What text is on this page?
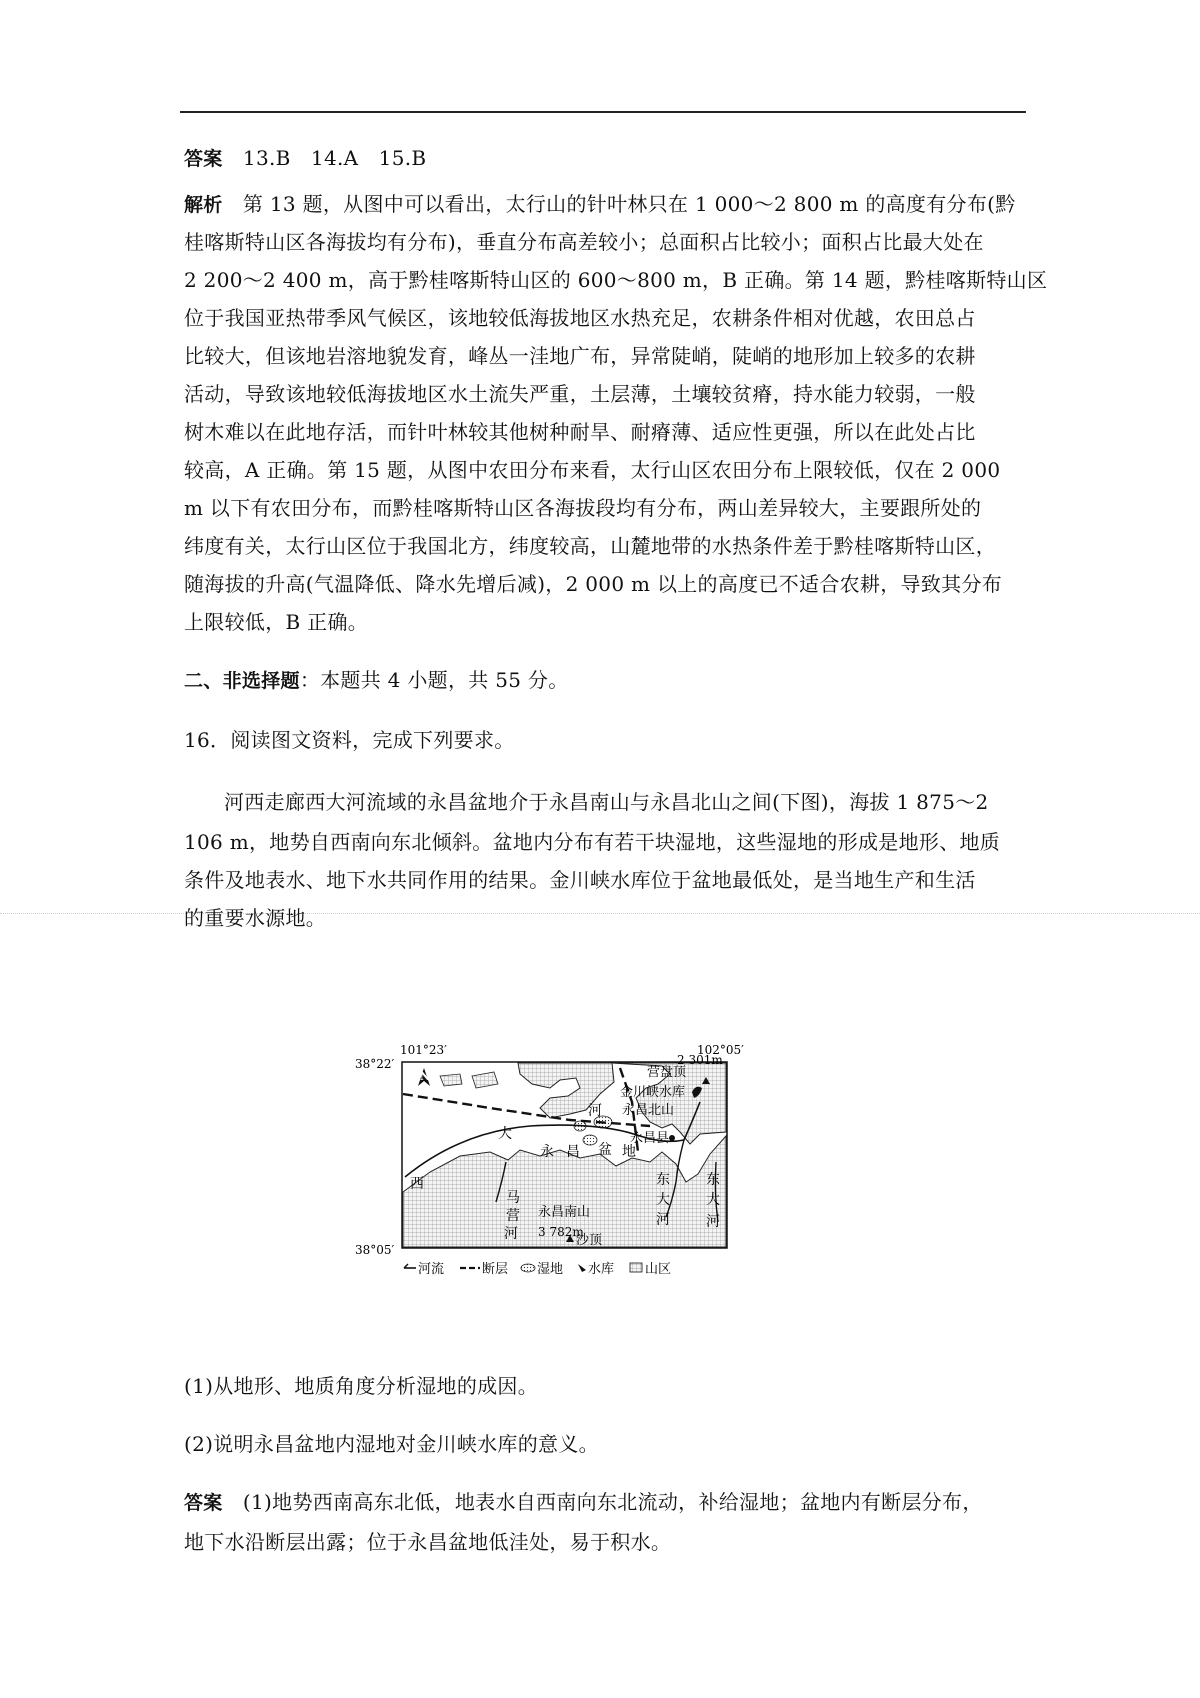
答案　 13.B　14.A　15.B
解析　 第 13 题，从图中可以看出，太行山的针叶林只在 1 000～2 800 m 的高度有分布(黔
桂喀斯特山区各海拔均有分布)，垂直分布高差较小；总面积占比较小；面积占比最大处在
2 200～2 400 m，高于黔桂喀斯特山区的 600～800 m，B 正确。第 14 题，黔桂喀斯特山区
位于我国亚热带季风气候区，该地较低海拔地区水热充足，农耕条件相对优越，农田总占
比较大，但该地岩溶地貌发育，峰丛一洼地广布，异常陡峭，陡峭的地形加上较多的农耕
活动，导致该地较低海拔地区水土流失严重，土层薄，土壤较贫瘠，持水能力较弱，一般
树木难以在此地存活，而针叶林较其他树种耐旱、耐瘠薄、适应性更强，所以在此处占比
较高，A 正确。第 15 题，从图中农田分布来看，太行山区农田分布上限较低，仅在 2 000
m 以下有农田分布，而黔桂喀斯特山区各海拔段均有分布，两山差异较大，主要跟所处的
纬度有关，太行山区位于我国北方，纬度较高，山麓地带的水热条件差于黔桂喀斯特山区，
随海拔的升高(气温降低、降水先增后减)，2 000 m 以上的高度已不适合农耕，导致其分布
上限较低，B 正确。
二、非选择题：本题共 4 小题，共 55 分。
16．阅读图文资料，完成下列要求。
河西走廊西大河流域的永昌盆地介于永昌南山与永昌北山之间(下图)，海拔 1 875～2
106 m，地势自西南向东北倾斜。盆地内分布有若干块湿地，这些湿地的形成是地形、地质
条件及地表水、地下水共同作用的结果。金川峡水库位于盆地最低处，是当地生产和生活
的重要水源地。
101°23′	102°05′
38°22′
38°05′
N	营盘顶
2 301m
金川峡水库
永昌北山
永昌县
大
河
永 昌 盆 地
西
马
营
河
永昌南山
3 782m
沙顶
东
大
河
东
大
河
河流	断层 湿地 水库 山区
(1)从地形、地质角度分析湿地的成因。
(2)说明永昌盆地内湿地对金川峡水库的意义。
答案　 (1)地势西南高东北低，地表水自西南向东北流动，补给湿地；盆地内有断层分布，
地下水沿断层出露；位于永昌盆地低洼处，易于积水。
